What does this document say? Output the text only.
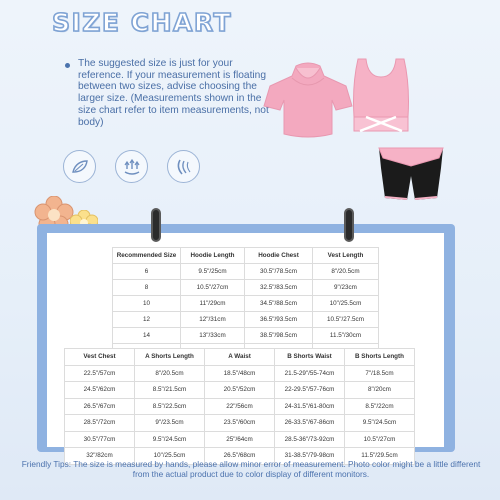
SIZE CHART
The suggested size is just for your reference. If your measurement is floating between two sizes, advise choosing the larger size. (Measurements shown in the size chart refer to item measurements, not body)
Recommended Size	Hoodie Length	Hoodie Chest	Vest Length
6	9.5"/25cm	30.5"/78.5cm	8"/20.5cm
8	10.5"/27cm	32.5"/83.5cm	9"/23cm
10	11"/29cm	34.5"/88.5cm	10"/25.5cm
12	12"/31cm	36.5"/93.5cm	10.5"/27.5cm
14	13"/33cm	38.5"/98.5cm	11.5"/30cm

Vest Chest	A Shorts Length	A Waist	B Shorts Waist	B Shorts Length
22.5"/57cm	8"/20.5cm	18.5"/48cm	21.5-29"/55-74cm	7"/18.5cm
24.5"/62cm	8.5"/21.5cm	20.5"/52cm	22-29.5"/57-76cm	8"/20cm
26.5"/67cm	8.5"/22.5cm	22"/56cm	24-31.5"/61-80cm	8.5"/22cm
28.5"/72cm	9"/23.5cm	23.5"/60cm	26-33.5"/67-86cm	9.5"/24.5cm
30.5"/77cm	9.5"/24.5cm	25"/64cm	28.5-36"/73-92cm	10.5"/27cm
32"/82cm	10"/25.5cm	26.5"/68cm	31-38.5"/79-98cm	11.5"/29.5cm
Friendly Tips: The size is measured by hands, please allow minor error of measurement. Photo color might be a little different from the actual product due to color display of different monitors.
